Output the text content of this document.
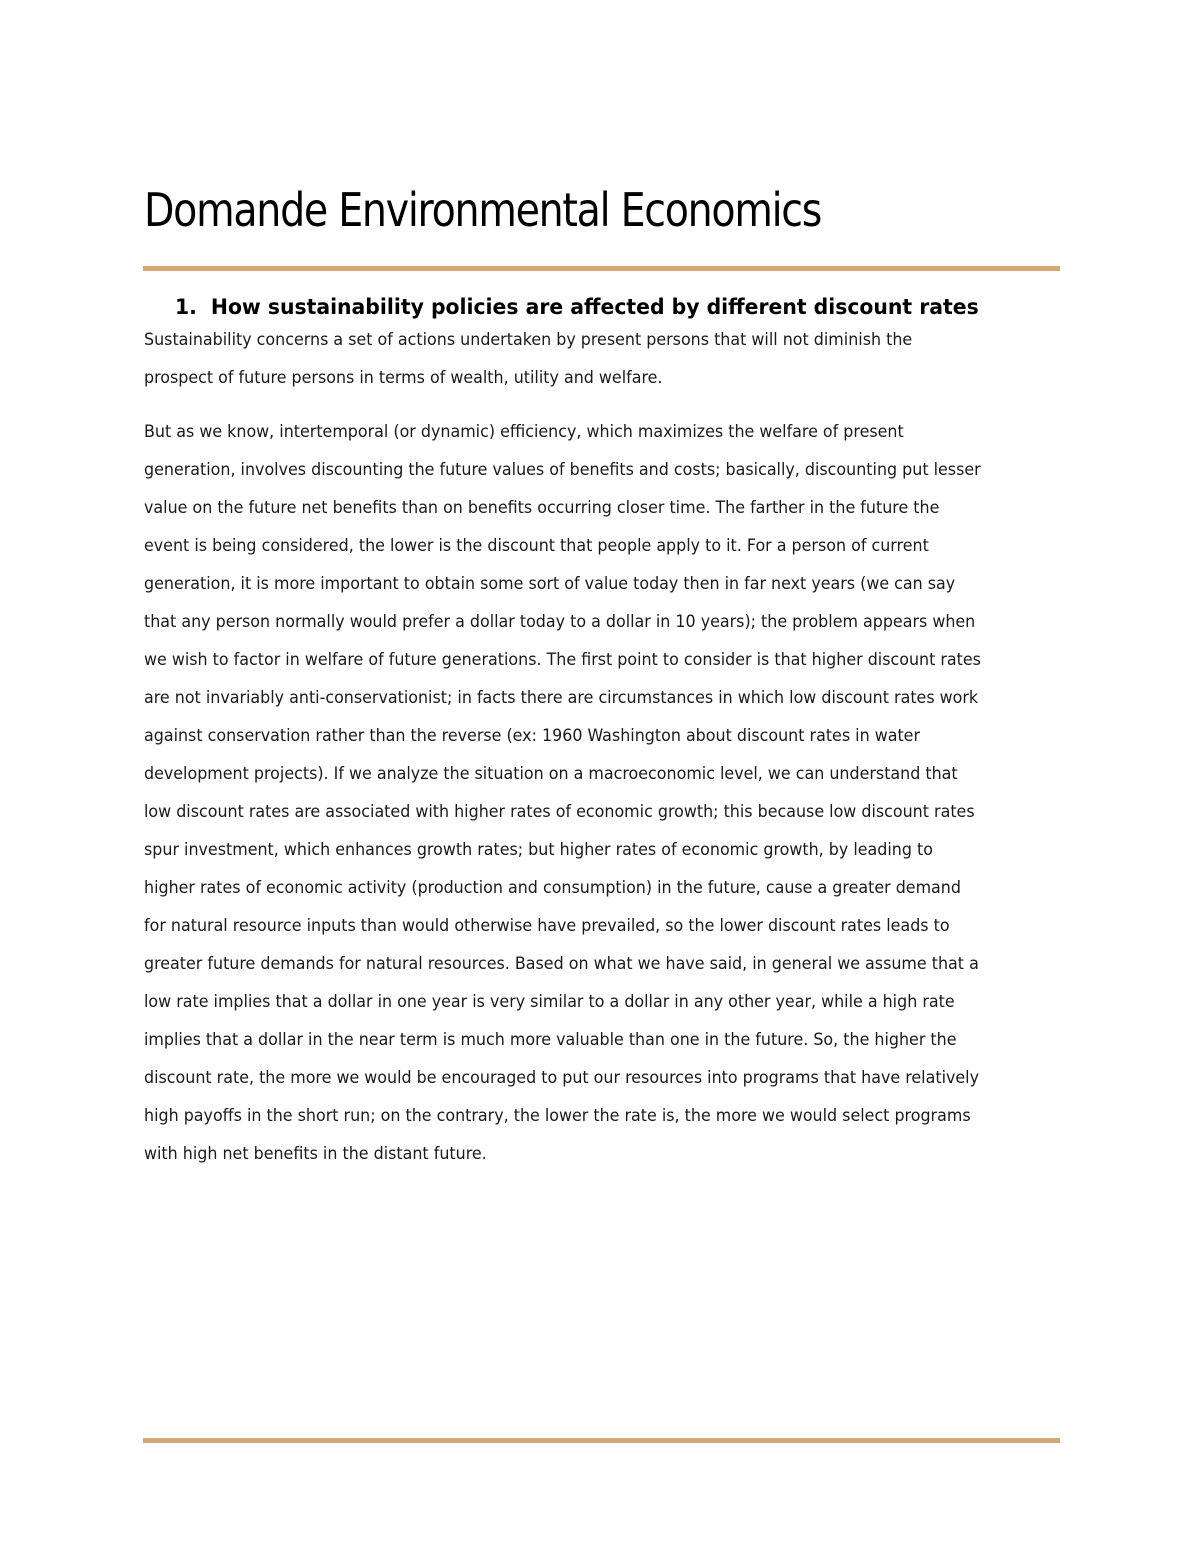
Domande Environmental Economics
1. How sustainability policies are affected by different discount rates

Sustainability concerns a set of actions undertaken by present persons that will not diminish the
prospect of future persons in terms of wealth, utility and welfare.

But as we know, intertemporal (or dynamic) efficiency, which maximizes the welfare of present
generation, involves discounting the future values of benefits and costs; basically, discounting put lesser
value on the future net benefits than on benefits occurring closer time. The farther in the future the
event is being considered, the lower is the discount that people apply to it. For a person of current
generation, it is more important to obtain some sort of value today then in far next years (we can say
that any person normally would prefer a dollar today to a dollar in 10 years); the problem appears when
we wish to factor in welfare of future generations. The first point to consider is that higher discount rates
are not invariably anti-conservationist; in facts there are circumstances in which low discount rates work
against conservation rather than the reverse (ex: 1960 Washington about discount rates in water
development projects). If we analyze the situation on a macroeconomic level, we can understand that
low discount rates are associated with higher rates of economic growth; this because low discount rates
spur investment, which enhances growth rates; but higher rates of economic growth, by leading to
higher rates of economic activity (production and consumption) in the future, cause a greater demand
for natural resource inputs than would otherwise have prevailed, so the lower discount rates leads to
greater future demands for natural resources. Based on what we have said, in general we assume that a
low rate implies that a dollar in one year is very similar to a dollar in any other year, while a high rate
implies that a dollar in the near term is much more valuable than one in the future. So, the higher the
discount rate, the more we would be encouraged to put our resources into programs that have relatively
high payoffs in the short run; on the contrary, the lower the rate is, the more we would select programs
with high net benefits in the distant future.
